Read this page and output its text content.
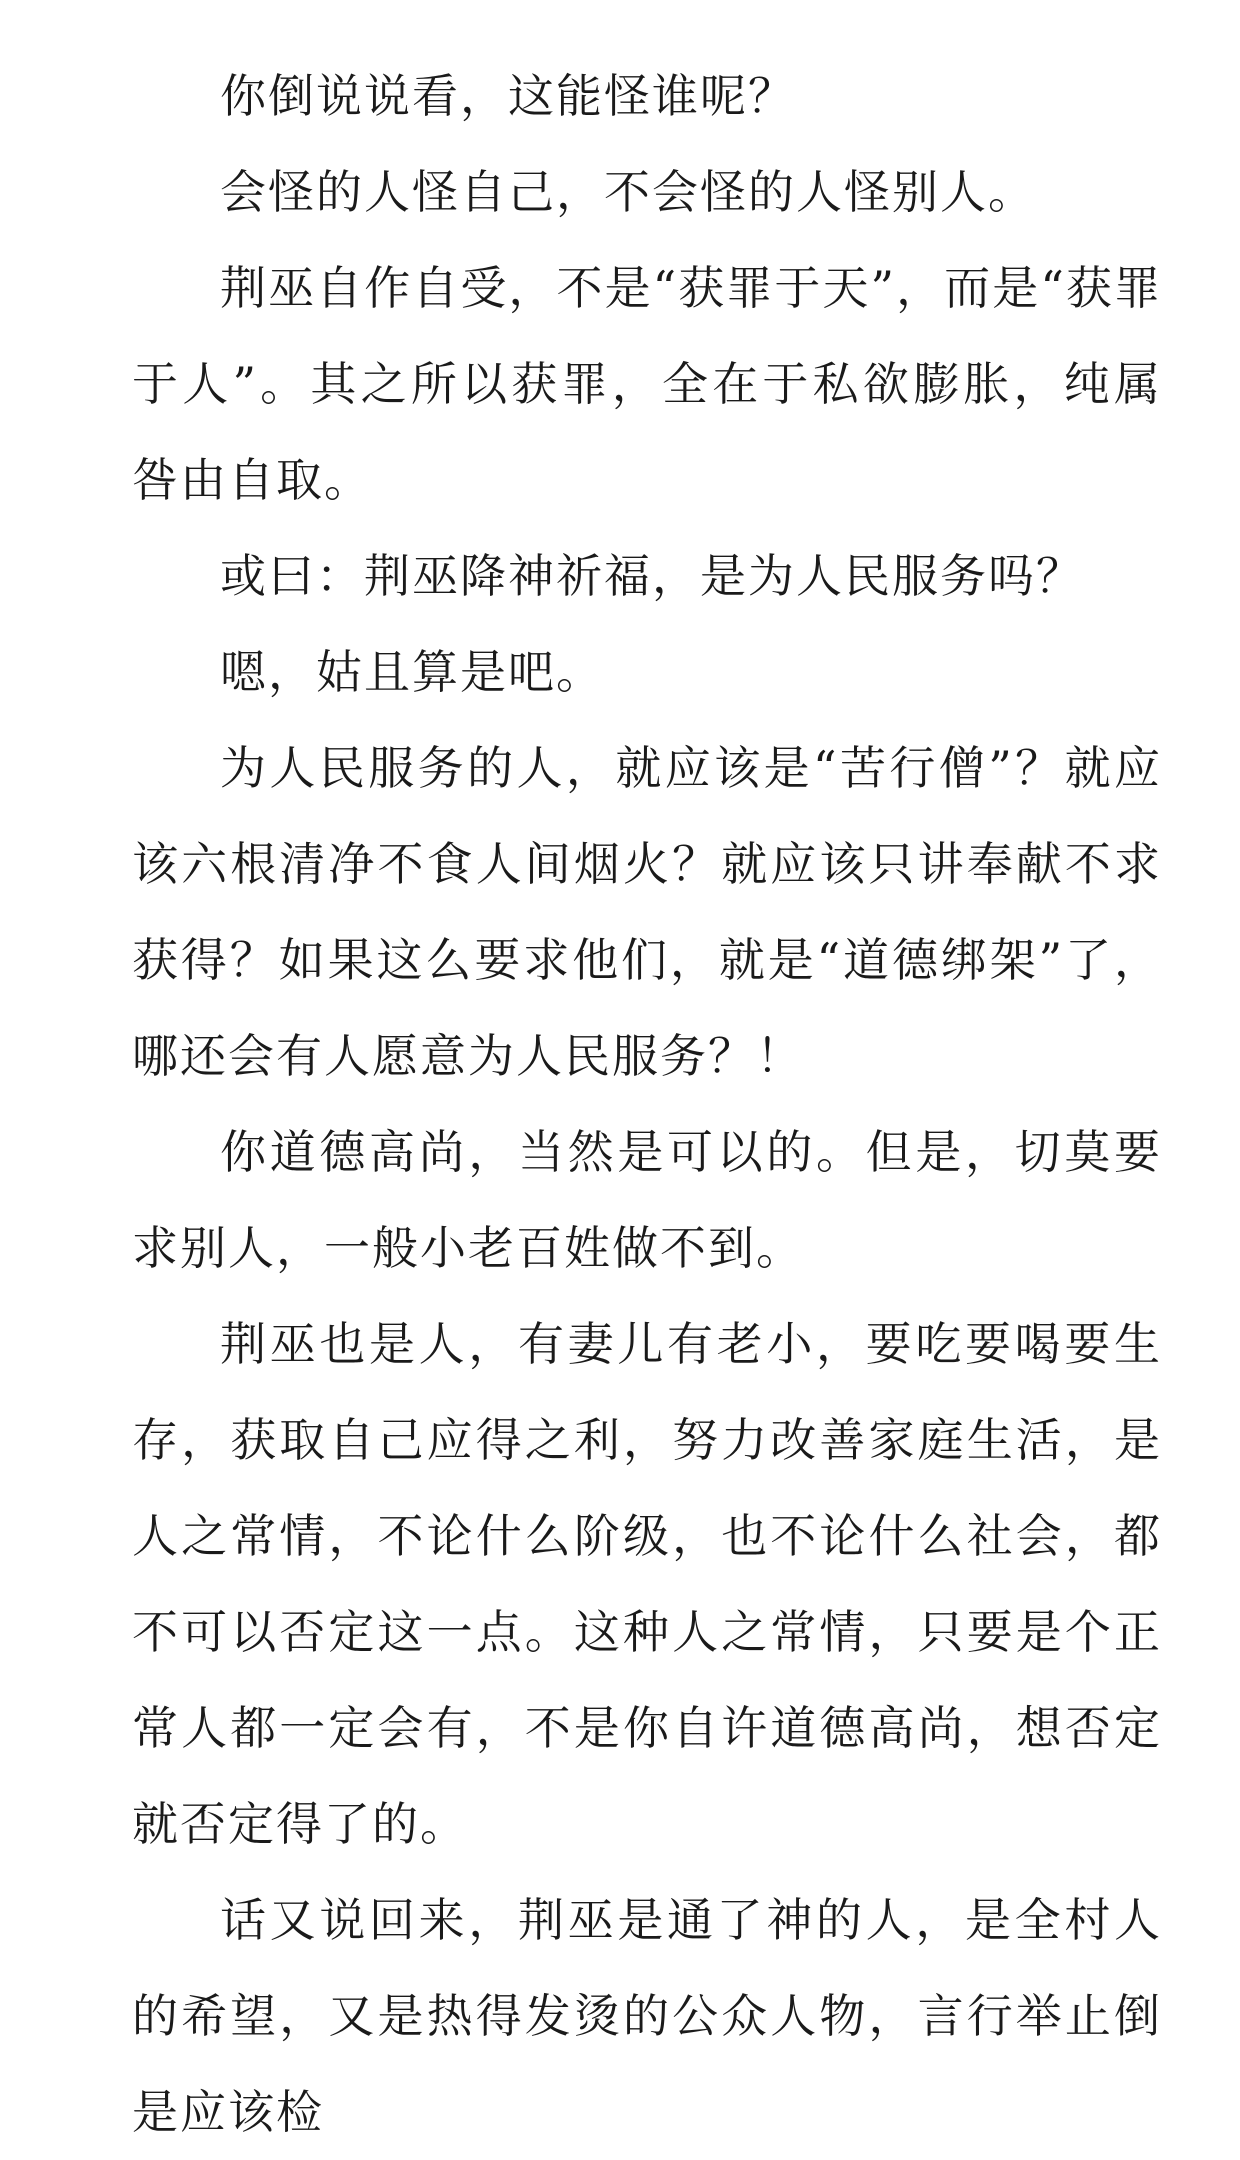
你倒说说看，这能怪谁呢？

会怪的人怪自己，不会怪的人怪别人。

荆巫自作自受，不是“获罪于天”，而是“获罪于人”。其之所以获罪，全在于私欲膨胀，纯属咎由自取。

或曰：荆巫降神祈福，是为人民服务吗？

嗯，姑且算是吧。

为人民服务的人，就应该是“苦行僧”？就应该六根清净不食人间烟火？就应该只讲奉献不求获得？如果这么要求他们，就是“道德绑架”了，哪还会有人愿意为人民服务？！

你道德高尚，当然是可以的。但是，切莫要求别人，一般小老百姓做不到。

荆巫也是人，有妻儿有老小，要吃要喝要生存，获取自己应得之利，努力改善家庭生活，是人之常情，不论什么阶级，也不论什么社会，都不可以否定这一点。这种人之常情，只要是个正常人都一定会有，不是你自许道德高尚，想否定就否定得了的。

话又说回来，荆巫是通了神的人，是全村人的希望，又是热得发烫的公众人物，言行举止倒是应该检
